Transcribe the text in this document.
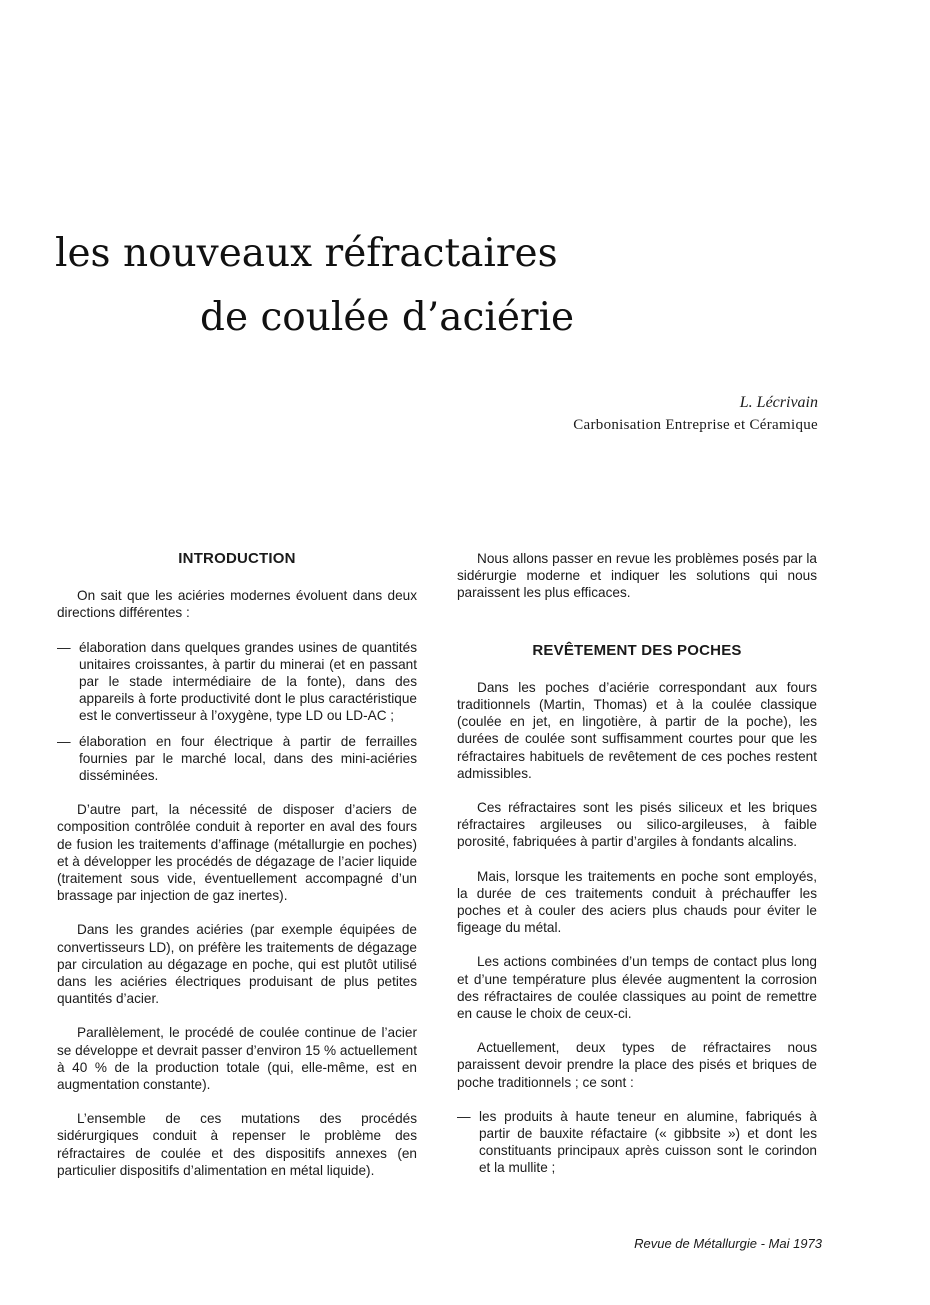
les nouveaux réfractaires
de coulée d’aciérie
L. Lécrivain
Carbonisation Entreprise et Céramique
INTRODUCTION

On sait que les aciéries modernes évoluent dans deux directions différentes :

— élaboration dans quelques grandes usines de quantités unitaires croissantes, à partir du minerai (et en passant par le stade intermédiaire de la fonte), dans des appareils à forte productivité dont le plus caractéristique est le convertisseur à l’oxygène, type LD ou LD-AC ;
— élaboration en four électrique à partir de ferrailles fournies par le marché local, dans des mini-aciéries disséminées.

D’autre part, la nécessité de disposer d’aciers de composition contrôlée conduit à reporter en aval des fours de fusion les traitements d’affinage (métallurgie en poches) et à développer les procédés de dégazage de l’acier liquide (traitement sous vide, éventuellement accompagné d’un brassage par injection de gaz inertes).

Dans les grandes aciéries (par exemple équipées de convertisseurs LD), on préfère les traitements de dégazage par circulation au dégazage en poche, qui est plutôt utilisé dans les aciéries électriques produisant de plus petites quantités d’acier.

Parallèlement, le procédé de coulée continue de l’acier se développe et devrait passer d’environ 15 % actuellement à 40 % de la production totale (qui, elle-même, est en augmentation constante).

L’ensemble de ces mutations des procédés sidérurgiques conduit à repenser le problème des réfractaires de coulée et des dispositifs annexes (en particulier dispositifs d’alimentation en métal liquide).

Nous allons passer en revue les problèmes posés par la sidérurgie moderne et indiquer les solutions qui nous paraissent les plus efficaces.

REVÊTEMENT DES POCHES

Dans les poches d’aciérie correspondant aux fours traditionnels (Martin, Thomas) et à la coulée classique (coulée en jet, en lingotière, à partir de la poche), les durées de coulée sont suffisamment courtes pour que les réfractaires habituels de revêtement de ces poches restent admissibles.

Ces réfractaires sont les pisés siliceux et les briques réfractaires argileuses ou silico-argileuses, à faible porosité, fabriquées à partir d’argiles à fondants alcalins.

Mais, lorsque les traitements en poche sont employés, la durée de ces traitements conduit à préchauffer les poches et à couler des aciers plus chauds pour éviter le figeage du métal.

Les actions combinées d’un temps de contact plus long et d’une température plus élevée augmentent la corrosion des réfractaires de coulée classiques au point de remettre en cause le choix de ceux-ci.

Actuellement, deux types de réfractaires nous paraissent devoir prendre la place des pisés et briques de poche traditionnels ; ce sont :

— les produits à haute teneur en alumine, fabriqués à partir de bauxite réfactaire (« gibbsite ») et dont les constituants principaux après cuisson sont le corindon et la mullite ;
Revue de Métallurgie - Mai 1973
